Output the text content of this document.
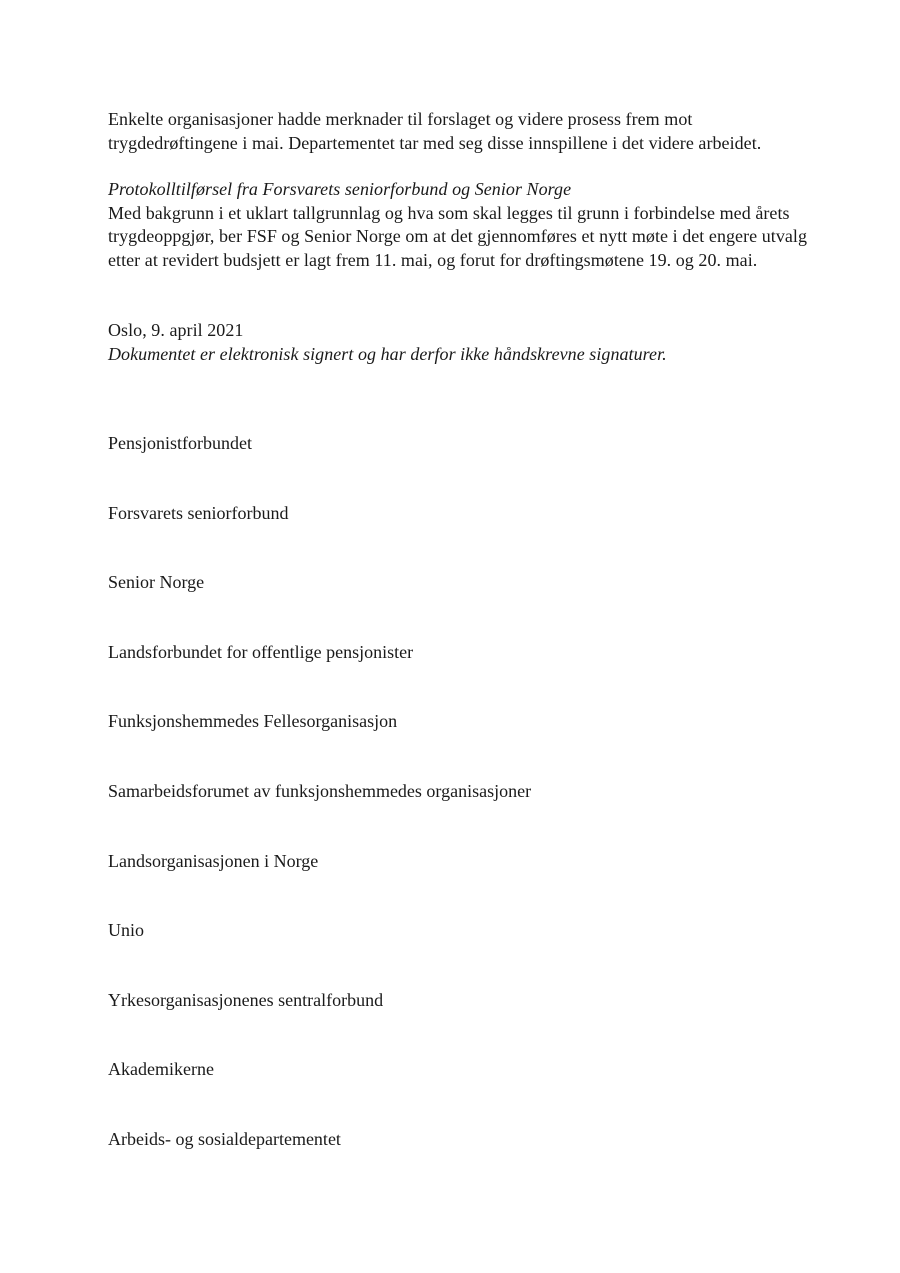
Enkelte organisasjoner hadde merknader til forslaget og videre prosess frem mot trygdedrøftingene i mai. Departementet tar med seg disse innspillene i det videre arbeidet.

Protokolltilførsel fra Forsvarets seniorforbund og Senior Norge

Med bakgrunn i et uklart tallgrunnlag og hva som skal legges til grunn i forbindelse med årets trygdeoppgjør, ber FSF og Senior Norge om at det gjennomføres et nytt møte i det engere utvalg etter at revidert budsjett er lagt frem 11. mai, og forut for drøftingsmøtene 19. og 20. mai.

Oslo, 9. april 2021

Dokumentet er elektronisk signert og har derfor ikke håndskrevne signaturer.

Pensjonistforbundet
Forsvarets seniorforbund
Senior Norge
Landsforbundet for offentlige pensjonister
Funksjonshemmedes Fellesorganisasjon
Samarbeidsforumet av funksjonshemmedes organisasjoner
Landsorganisasjonen i Norge
Unio
Yrkesorganisasjonenes sentralforbund
Akademikerne
Arbeids- og sosialdepartementet
